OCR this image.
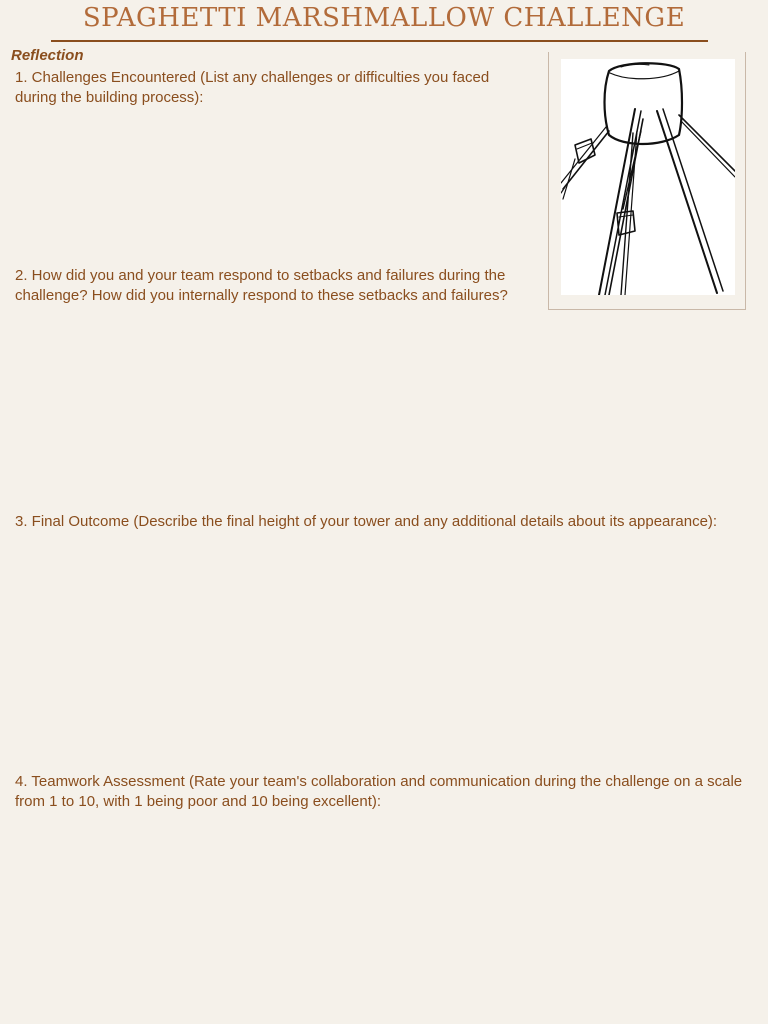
SPAGHETTI MARSHMALLOW CHALLENGE
Reflection
1. Challenges Encountered (List any challenges or difficulties you faced during the building process):
2. How did you and your team respond to setbacks and failures during the challenge? How did you internally respond to these setbacks and failures?
3. Final Outcome (Describe the final height of your tower and any additional details about its appearance):
4. Teamwork Assessment (Rate your team's collaboration and communication during the challenge on a scale from 1 to 10, with 1 being poor and 10 being excellent):
